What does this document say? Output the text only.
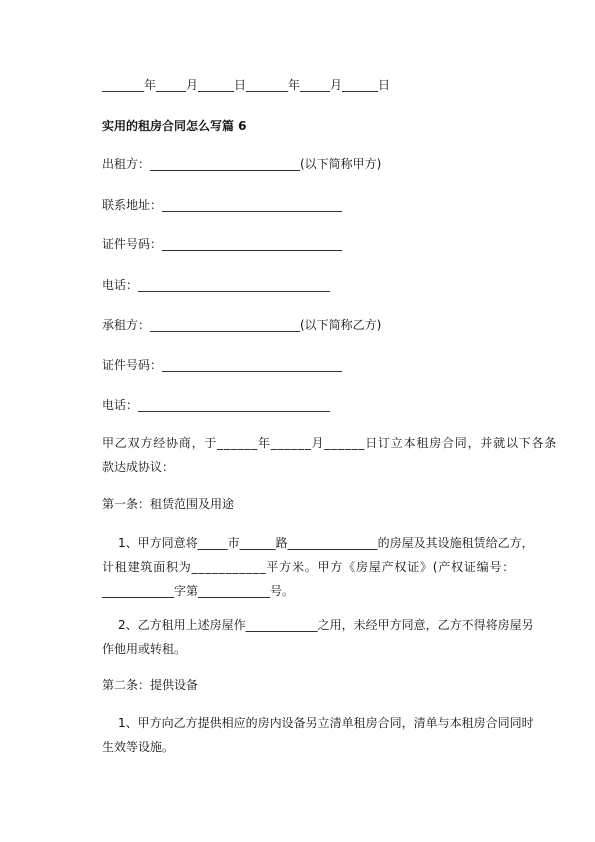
_______年_____月______日_______年_____月______日
实用的租房合同怎么写篇 6
出租方：_________________________(以下简称甲方)
联系地址：______________________________
证件号码：______________________________
电话：________________________________
承租方：_________________________(以下简称乙方)
证件号码：______________________________
电话：________________________________

甲乙双方经协商，于______年______月______日订立本租房合同，并就以下各条

款达成协议：

第一条：租赁范围及用途

1、甲方同意将_____市______路_______________的房屋及其设施租赁给乙方，

计租建筑面积为___________平方米。甲方《房屋产权证》(产权证编号：

____________字第____________号。

2、乙方租用上述房屋作____________之用，未经甲方同意，乙方不得将房屋另

作他用或转租。

第二条：提供设备

1、甲方向乙方提供相应的房内设备另立清单租房合同，清单与本租房合同同时

生效等设施。
